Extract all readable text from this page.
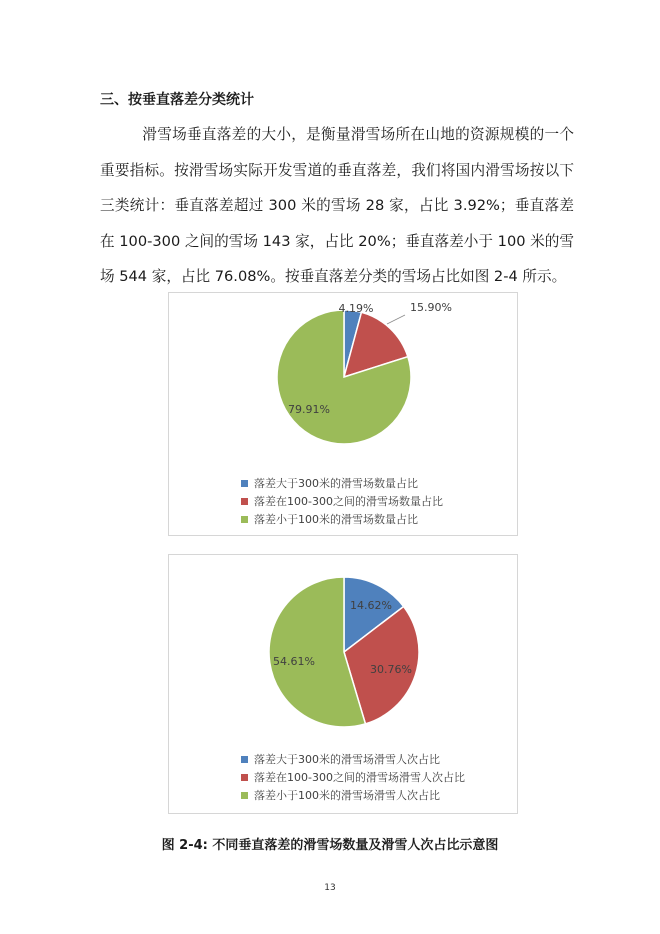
三、按垂直落差分类统计

滑雪场垂直落差的大小，是衡量滑雪场所在山地的资源规模的一个重要指标。按滑雪场实际开发雪道的垂直落差，我们将国内滑雪场按以下三类统计：垂直落差超过 300 米的雪场 28 家，占比 3.92%；垂直落差在 100-300 之间的雪场 143 家，占比 20%；垂直落差小于 100 米的雪场 544 家，占比 76.08%。按垂直落差分类的雪场占比如图 2-4 所示。

4.19%	15.90%
79.91%
落差大于300米的滑雪场数量占比
落差在100-300之间的滑雪场数量占比
落差小于100米的滑雪场数量占比
14.62%
30.76%
54.61%
落差大于300米的滑雪场滑雪人次占比
落差在100-300之间的滑雪场滑雪人次占比
落差小于100米的滑雪场滑雪人次占比
图 2-4: 不同垂直落差的滑雪场数量及滑雪人次占比示意图
13
